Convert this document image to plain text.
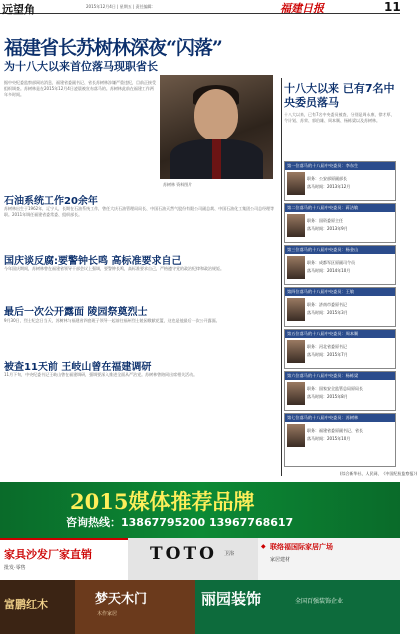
远望角	2015年12月4日 | 星期五 | 责任编辑：	福建日报	11
福建省长苏树林深夜“闪落”
为十八大以来首位落马现职省长
据中央纪委监察部网站消息，福建省委副书记、省长苏树林涉嫌严重违纪，目前正接受组织调查。苏树林是在2015年12月4日凌晨被宣布落马的。苏树林此前在福建工作两年多时间。
苏树林 资料图片
石油系统工作20余年
苏树林出生于1962年，辽宁人，长期在石油系统工作，曾任大庆石油管理局局长、中国石油天然气股份有限公司副总裁、中国石油化工集团公司总经理等职。2011年调任福建省委常委、组织部长。
国庆谈反腐:要警钟长鸣 高标准要求自己
今年国庆期间，苏树林曾在福建省领导干部会议上强调，要警钟长鸣，高标准要求自己，严格遵守党的政治纪律和政治规矩。
最后一次公开露面 陵园祭奠烈士
9月30日，烈士纪念日当天，苏树林与福建省四套班子领导一起前往福州烈士陵园敬献花篮，这也是他最后一次公开露面。
被查11天前 王岐山曾在福建调研
11月下旬，中央纪委书记王岐山曾在福建调研，强调要深入推进全面从严治党。苏树林曾陪同出席相关活动。
十八大以来 已有7名中央委员落马
十八大以来，已有7名中央委员被查，分别是周永康、徐才厚、令计划、苏荣、郭伯雄、周本顺、杨栋梁以及苏树林。
第一位落马的十八届中央委员：李东生
职务：公安部原副部长
落马时间：2013年12月
第二位落马的十八届中央委员：蒋洁敏
职务：国资委原主任
落马时间：2013年9月
第三位落马的十八届中央委员：杨金山
职务：成都军区原副司令员
落马时间：2014年10月
第四位落马的十八届中央委员：王敏
职务：济南市委原书记
落马时间：2015年3月
第五位落马的十八届中央委员：周本顺
职务：河北省委原书记
落马时间：2015年7月
第六位落马的十八届中央委员：杨栋梁
职务：国家安全监管总局原局长
落马时间：2015年8月
第七位落马的十八届中央委员：苏树林
职务：福建省委原副书记、省长
落马时间：2015年10月
(综合新华社、人民网、《中国纪检监察报》)
2015媒体推荐品牌
咨询热线：13867795200 13967768617
家具沙发厂家直销
批发·零售
TOTO 卫浴
◆ 联络福国际家居广场
家居建材
富鹏红木	梦天木门
木作家居
丽园装饰	全国百强装饰企业
